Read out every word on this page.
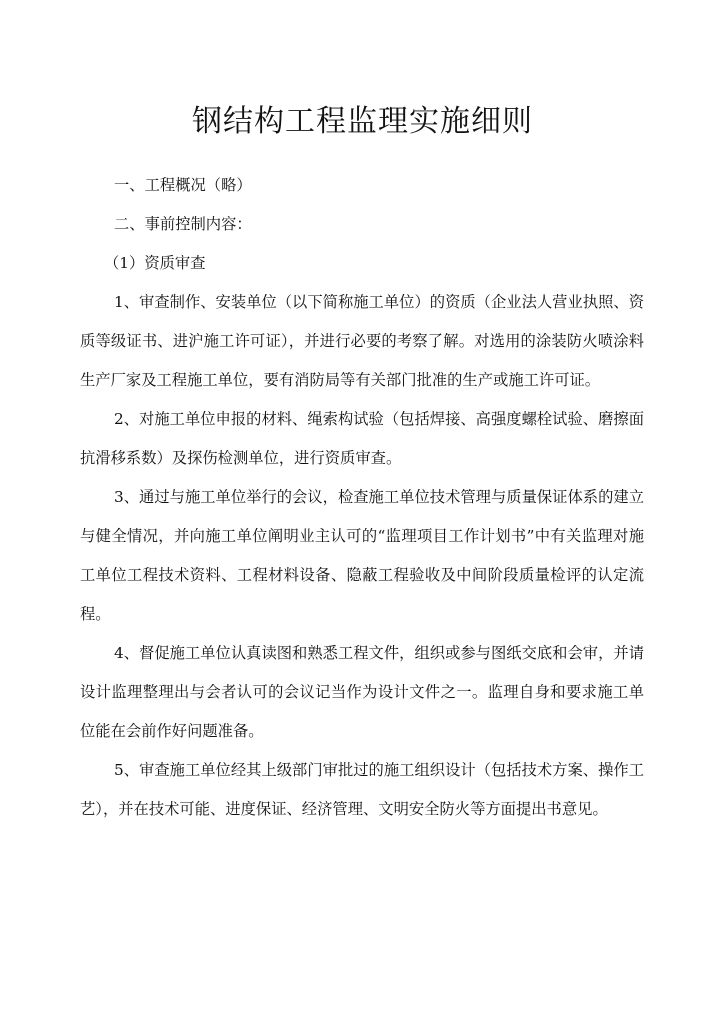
钢结构工程监理实施细则

一、工程概况（略）

二、事前控制内容：

（1）资质审查

1、审查制作、安装单位（以下简称施工单位）的资质（企业法人营业执照、资质等级证书、进沪施工许可证），并进行必要的考察了解。对选用的涂装防火喷涂料生产厂家及工程施工单位，要有消防局等有关部门批准的生产或施工许可证。

2、对施工单位申报的材料、绳索构试验（包括焊接、高强度螺栓试验、磨擦面抗滑移系数）及探伤检测单位，进行资质审查。

3、通过与施工单位举行的会议，检查施工单位技术管理与质量保证体系的建立与健全情况，并向施工单位阐明业主认可的“监理项目工作计划书”中有关监理对施工单位工程技术资料、工程材料设备、隐蔽工程验收及中间阶段质量检评的认定流程。

4、督促施工单位认真读图和熟悉工程文件，组织或参与图纸交底和会审，并请设计监理整理出与会者认可的会议记当作为设计文件之一。监理自身和要求施工单位能在会前作好问题准备。

5、审查施工单位经其上级部门审批过的施工组织设计（包括技术方案、操作工艺），并在技术可能、进度保证、经济管理、文明安全防火等方面提出书意见。
